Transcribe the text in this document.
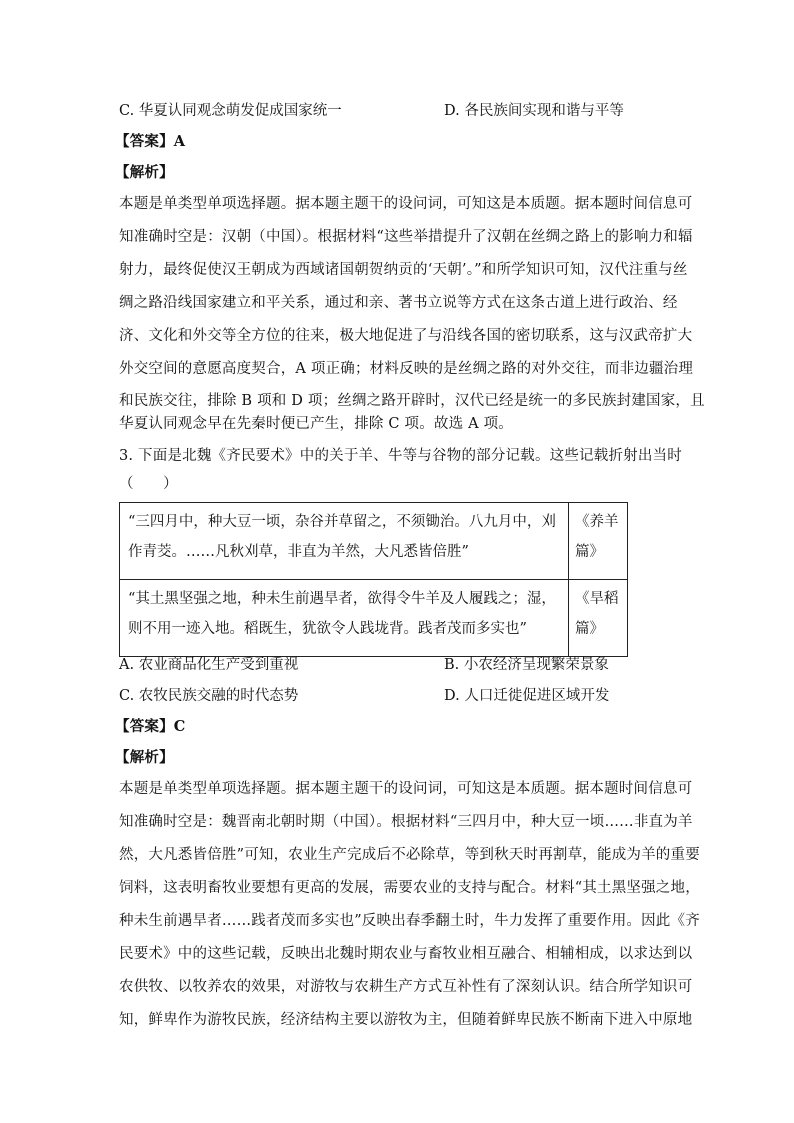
C. 华夏认同观念萌发促成国家统一	D. 各民族间实现和谐与平等
【答案】A
【解析】
本题是单类型单项选择题。据本题主题干的设问词，可知这是本质题。据本题时间信息可
知准确时空是：汉朝（中国）。根据材料“这些举措提升了汉朝在丝绸之路上的影响力和辐
射力，最终促使汉王朝成为西域诸国朝贺纳贡的‘天朝’。”和所学知识可知，汉代注重与丝
绸之路沿线国家建立和平关系，通过和亲、著书立说等方式在这条古道上进行政治、经
济、文化和外交等全方位的往来，极大地促进了与沿线各国的密切联系，这与汉武帝扩大
外交空间的意愿高度契合，A 项正确；材料反映的是丝绸之路的对外交往，而非边疆治理
和民族交往，排除 B 项和 D 项；丝绸之路开辟时，汉代已经是统一的多民族封建国家，且
华夏认同观念早在先秦时便已产生，排除 C 项。故选 A 项。
3. 下面是北魏《齐民要术》中的关于羊、牛等与谷物的部分记载。这些记载折射出当时
（　　）
“三四月中，种大豆一顷，杂谷并草留之，不须锄治。八九月中，刈
作青茭。……凡秋刈草，非直为羊然，大凡悉皆倍胜”	《养羊
篇》

“其土黑坚强之地，种未生前遇旱者，欲得令牛羊及人履践之；湿，
则不用一迹入地。稻既生，犹欲令人践垅背。践者茂而多实也”	《旱稻
篇》
A. 农业商品化生产受到重视	B. 小农经济呈现繁荣景象
C. 农牧民族交融的时代态势	D. 人口迁徙促进区域开发
【答案】C
【解析】
本题是单类型单项选择题。据本题主题干的设问词，可知这是本质题。据本题时间信息可
知准确时空是：魏晋南北朝时期（中国）。根据材料“三四月中，种大豆一顷……非直为羊
然，大凡悉皆倍胜”可知，农业生产完成后不必除草，等到秋天时再割草，能成为羊的重要
饲料，这表明畜牧业要想有更高的发展，需要农业的支持与配合。材料“其土黑坚强之地，
种未生前遇旱者……践者茂而多实也”反映出春季翻土时，牛力发挥了重要作用。因此《齐
民要术》中的这些记载，反映出北魏时期农业与畜牧业相互融合、相辅相成，以求达到以
农供牧、以牧养农的效果，对游牧与农耕生产方式互补性有了深刻认识。结合所学知识可
知，鲜卑作为游牧民族，经济结构主要以游牧为主，但随着鲜卑民族不断南下进入中原地
